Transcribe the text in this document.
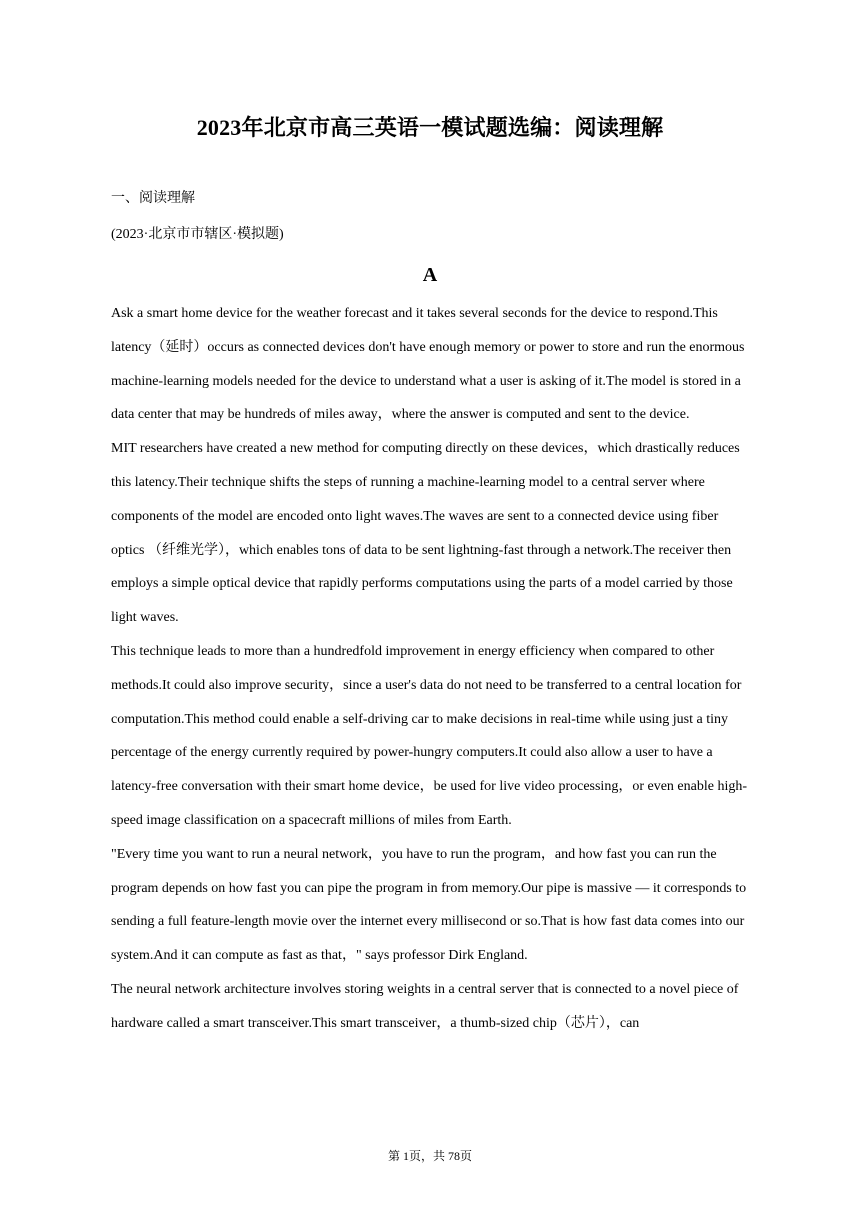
2023年北京市高三英语一模试题选编：阅读理解
一、阅读理解
(2023·北京市市辖区·模拟题)
A

Ask a smart home device for the weather forecast and it takes several seconds for the device to respond.This latency（延时）occurs as connected devices don't have enough memory or power to store and run the enormous machine-learning models needed for the device to understand what a user is asking of it.The model is stored in a data center that may be hundreds of miles away，where the answer is computed and sent to the device.

MIT researchers have created a new method for computing directly on these devices，which drastically reduces this latency.Their technique shifts the steps of running a machine-learning model to a central server where components of the model are encoded onto light waves.The waves are sent to a connected device using fiber optics （纤维光学），which enables tons of data to be sent lightning-fast through a network.The receiver then employs a simple optical device that rapidly performs computations using the parts of a model carried by those light waves.

This technique leads to more than a hundredfold improvement in energy efficiency when compared to other methods.It could also improve security，since a user's data do not need to be transferred to a central location for computation.This method could enable a self-driving car to make decisions in real-time while using just a tiny percentage of the energy currently required by power-hungry computers.It could also allow a user to have a latency-free conversation with their smart home device，be used for live video processing，or even enable high-speed image classification on a spacecraft millions of miles from Earth.

"Every time you want to run a neural network，you have to run the program，and how fast you can run the program depends on how fast you can pipe the program in from memory.Our pipe is massive — it corresponds to sending a full feature-length movie over the internet every millisecond or so.That is how fast data comes into our system.And it can compute as fast as that，" says professor Dirk England.

The neural network architecture involves storing weights in a central server that is connected to a novel piece of hardware called a smart transceiver.This smart transceiver，a thumb-sized chip（芯片），can

第 1页，共 78页
